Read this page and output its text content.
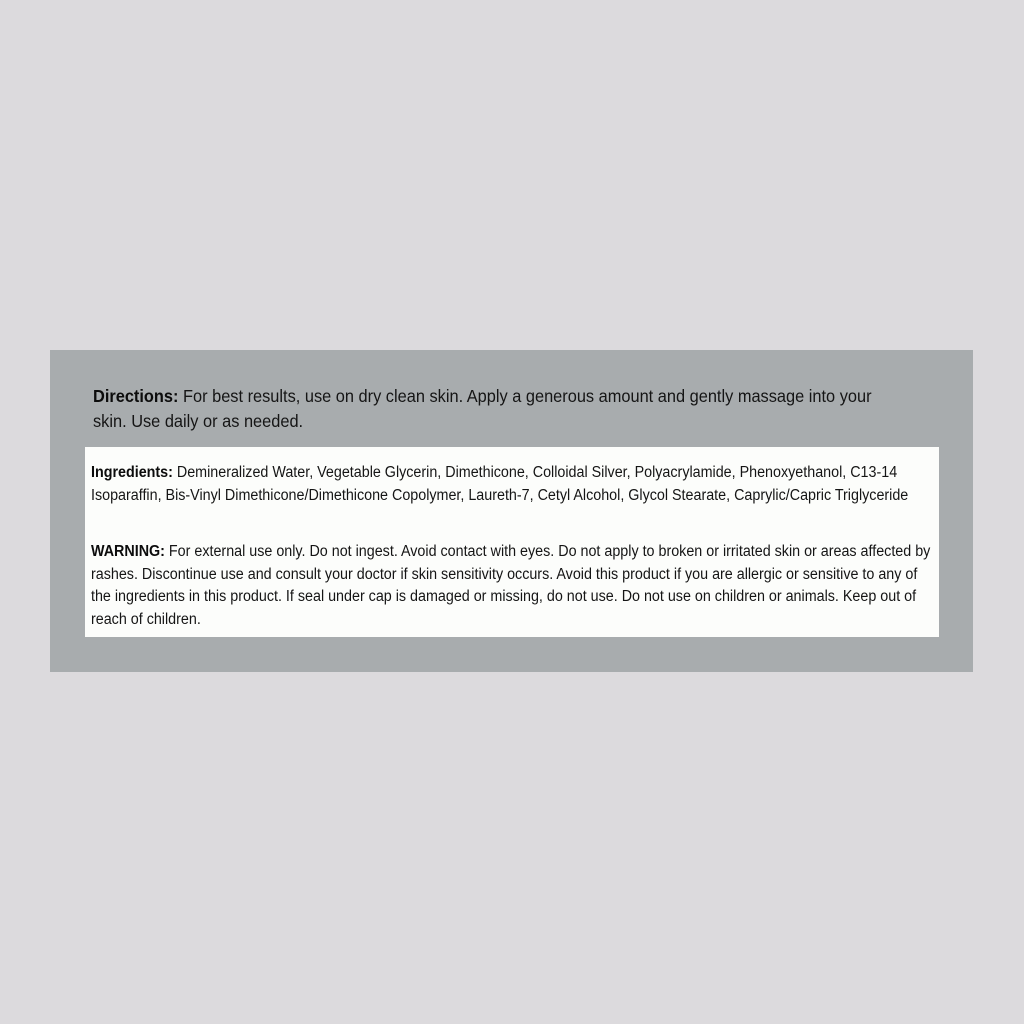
Directions: For best results, use on dry clean skin. Apply a generous amount and gently massage into your skin. Use daily or as needed.

Ingredients: Demineralized Water, Vegetable Glycerin, Dimethicone, Colloidal Silver, Polyacrylamide, Phenoxyethanol, C13-14 Isoparaffin, Bis-Vinyl Dimethicone/Dimethicone Copolymer, Laureth-7, Cetyl Alcohol, Glycol Stearate, Caprylic/Capric Triglyceride

WARNING: For external use only. Do not ingest. Avoid contact with eyes. Do not apply to broken or irritated skin or areas affected by rashes. Discontinue use and consult your doctor if skin sensitivity occurs. Avoid this product if you are allergic or sensitive to any of the ingredients in this product. If seal under cap is damaged or missing, do not use. Do not use on children or animals. Keep out of reach of children.
